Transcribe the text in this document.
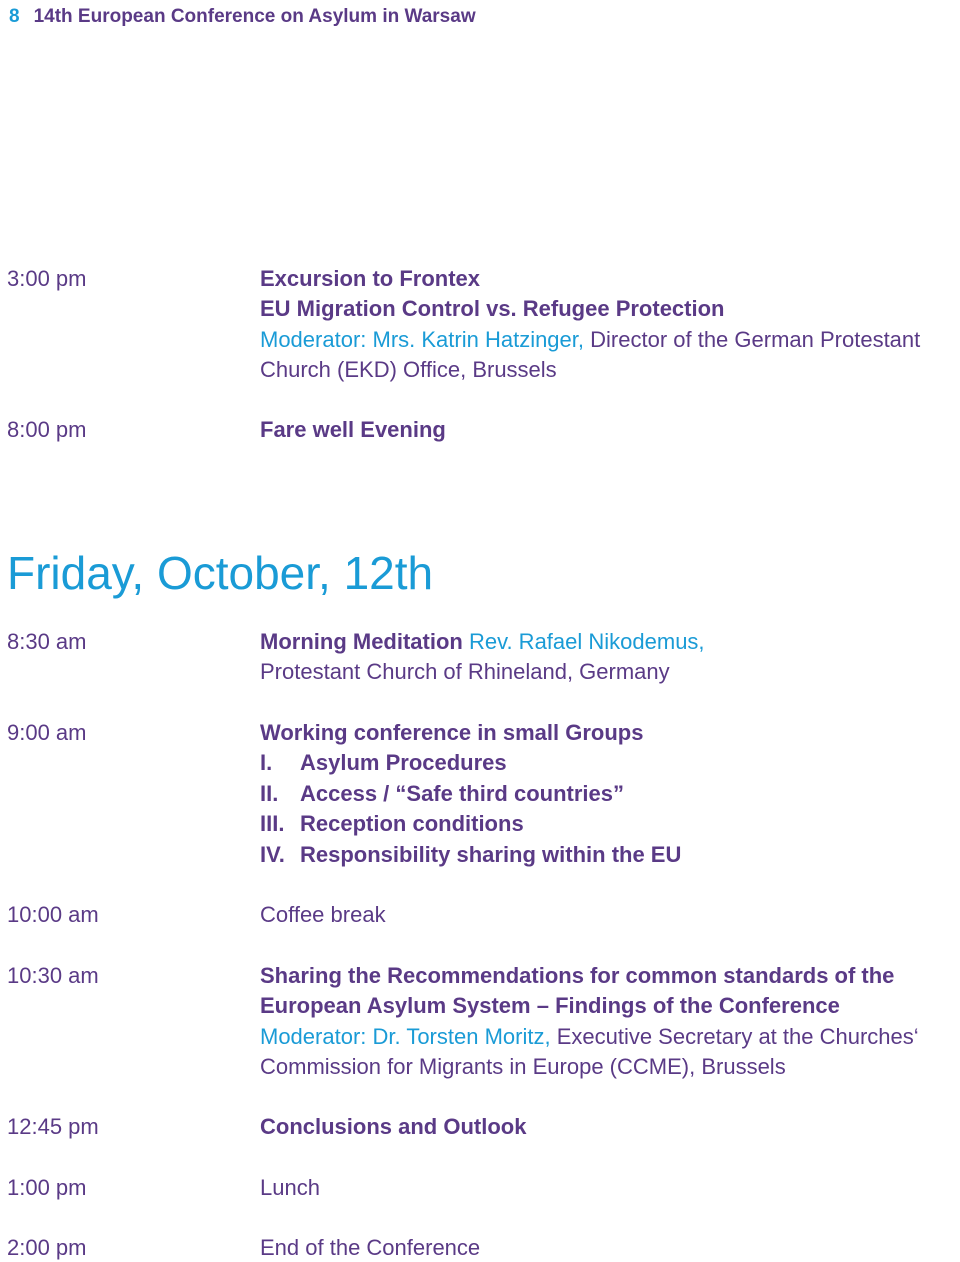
8 14th European Conference on Asylum in Warsaw
3:00 pm	Excursion to Frontex
EU Migration Control vs. Refugee Protection
Moderator: Mrs. Katrin Hatzinger, Director of the German Protestant
Church (EKD) Office, Brussels
8:00 pm	Fare well Evening
Friday, October, 12th
8:30 am	Morning Meditation Rev. Rafael Nikodemus,
Protestant Church of Rhineland, Germany
9:00 am	Working conference in small Groups
I. Asylum Procedures
II. Access / “Safe third countries”
III. Reception conditions
IV. Responsibility sharing within the EU
10:00 am	Coffee break
10:30 am	Sharing the Recommendations for common standards of the
European Asylum System – Findings of the Conference
Moderator: Dr. Torsten Moritz, Executive Secretary at the Churches‘
Commission for Migrants in Europe (CCME), Brussels
12:45 pm	Conclusions and Outlook
1:00 pm	Lunch
2:00 pm	End of the Conference
